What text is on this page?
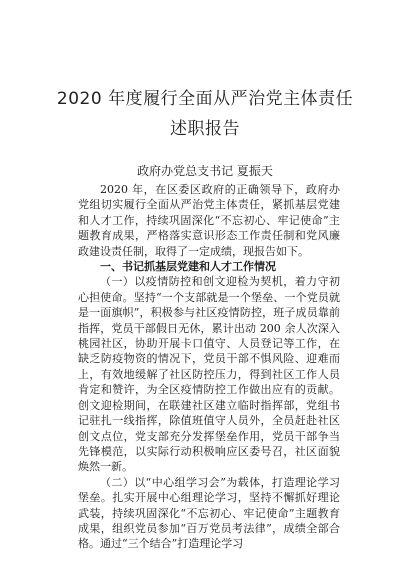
2020 年度履行全面从严治党主体责任
述职报告
政府办党总支书记 夏振天

2020 年，在区委区政府的正确领导下，政府办党组切实履行全面从严治党主体责任，紧抓基层党建和人才工作，持续巩固深化“不忘初心、牢记使命”主题教育成果，严格落实意识形态工作责任制和党风廉政建设责任制，取得了一定成绩，现报告如下。

一、书记抓基层党建和人才工作情况

（一）以疫情防控和创文迎检为契机，着力守初心担使命。坚持“一个支部就是一个堡垒、一个党员就是一面旗帜”，积极参与社区疫情防控，班子成员靠前指挥，党员干部假日无休，累计出动 200 余人次深入桃园社区，协助开展卡口值守、人员登记等工作，在缺乏防疫物资的情况下，党员干部不惧风险、迎难而上，有效地缓解了社区防控压力，得到社区工作人员肯定和赞许，为全区疫情防控工作做出应有的贡献。创文迎检期间，在联建社区建立临时指挥部，党组书记驻扎一线指挥，除值班值守人员外，全员赶赴社区创文点位，党支部充分发挥堡垒作用，党员干部争当先锋模范，以实际行动积极响应区委号召，社区面貌焕然一新。

（二）以“中心组学习会”为载体，打造理论学习堡垒。扎实开展中心组理论学习，坚持不懈抓好理论武装，持续巩固深化“不忘初心、牢记使命”主题教育成果，组织党员参加“百万党员考法律”，成绩全部合格。通过“三个结合”打造理论学习
